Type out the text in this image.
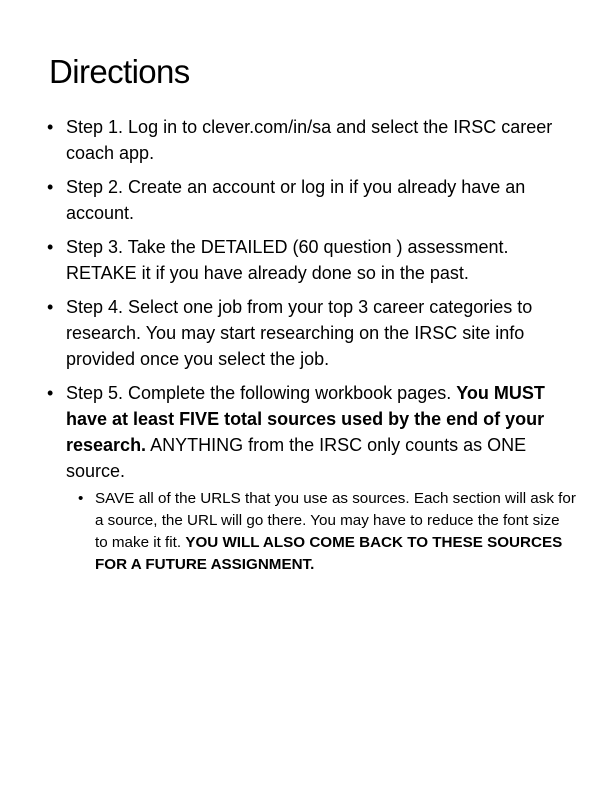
Directions
• Step 1. Log in to clever.com/in/sa and select the IRSC career coach app.
• Step 2. Create an account or log in if you already have an account.
• Step 3. Take the DETAILED (60 question ) assessment. RETAKE it if you have already done so in the past.
• Step 4. Select one job from your top 3 career categories to research. You may start researching on the IRSC site info provided once you select the job.
• Step 5. Complete the following workbook pages. You MUST have at least FIVE total sources used by the end of your research. ANYTHING from the IRSC only counts as ONE source.
• SAVE all of the URLS that you use as sources. Each section will ask for a source, the URL will go there. You may have to reduce the font size to make it fit. YOU WILL ALSO COME BACK TO THESE SOURCES FOR A FUTURE ASSIGNMENT.
